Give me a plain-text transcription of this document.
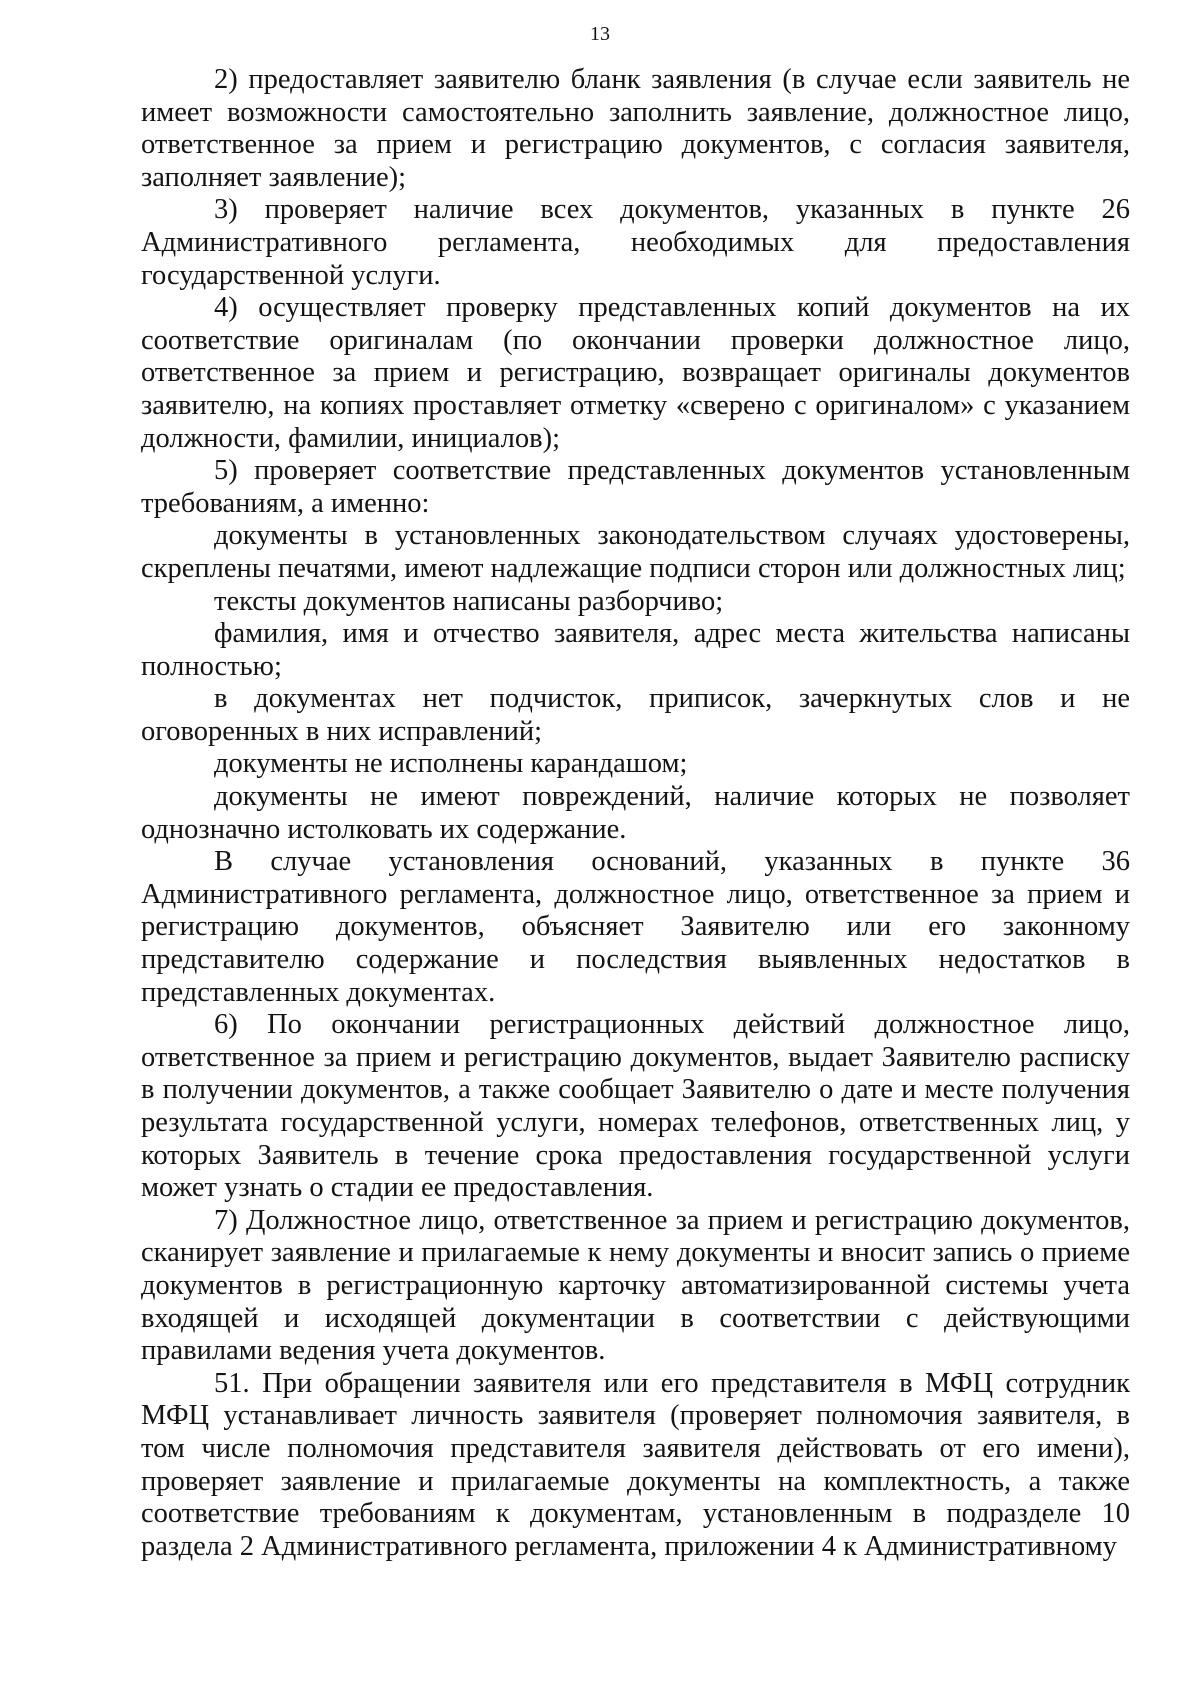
13

2) предоставляет заявителю бланк заявления (в случае если заявитель не имеет возможности самостоятельно заполнить заявление, должностное лицо, ответственное за прием и регистрацию документов, с согласия заявителя, заполняет заявление);

3) проверяет наличие всех документов, указанных в пункте 26 Административного регламента, необходимых для предоставления государственной услуги.

4) осуществляет проверку представленных копий документов на их соответствие оригиналам (по окончании проверки должностное лицо, ответственное за прием и регистрацию, возвращает оригиналы документов заявителю, на копиях проставляет отметку «сверено с оригиналом» с указанием должности, фамилии, инициалов);

5) проверяет соответствие представленных документов установленным требованиям, а именно:

документы в установленных законодательством случаях удостоверены, скреплены печатями, имеют надлежащие подписи сторон или должностных лиц;

тексты документов написаны разборчиво;

фамилия, имя и отчество заявителя, адрес места жительства написаны полностью;

в документах нет подчисток, приписок, зачеркнутых слов и не оговоренных в них исправлений;

документы не исполнены карандашом;

документы не имеют повреждений, наличие которых не позволяет однозначно истолковать их содержание.

В случае установления оснований, указанных в пункте 36 Административного регламента, должностное лицо, ответственное за прием и регистрацию документов, объясняет Заявителю или его законному представителю содержание и последствия выявленных недостатков в представленных документах.

6) По окончании регистрационных действий должностное лицо, ответственное за прием и регистрацию документов, выдает Заявителю расписку в получении документов, а также сообщает Заявителю о дате и месте получения результата государственной услуги, номерах телефонов, ответственных лиц, у которых Заявитель в течение срока предоставления государственной услуги может узнать о стадии ее предоставления.

7) Должностное лицо, ответственное за прием и регистрацию документов, сканирует заявление и прилагаемые к нему документы и вносит запись о приеме документов в регистрационную карточку автоматизированной системы учета входящей и исходящей документации в соответствии с действующими правилами ведения учета документов.

51. При обращении заявителя или его представителя в МФЦ сотрудник МФЦ устанавливает личность заявителя (проверяет полномочия заявителя, в том числе полномочия представителя заявителя действовать от его имени), проверяет заявление и прилагаемые документы на комплектность, а также соответствие требованиям к документам, установленным в подразделе 10 раздела 2 Административного регламента, приложении 4 к Административному
